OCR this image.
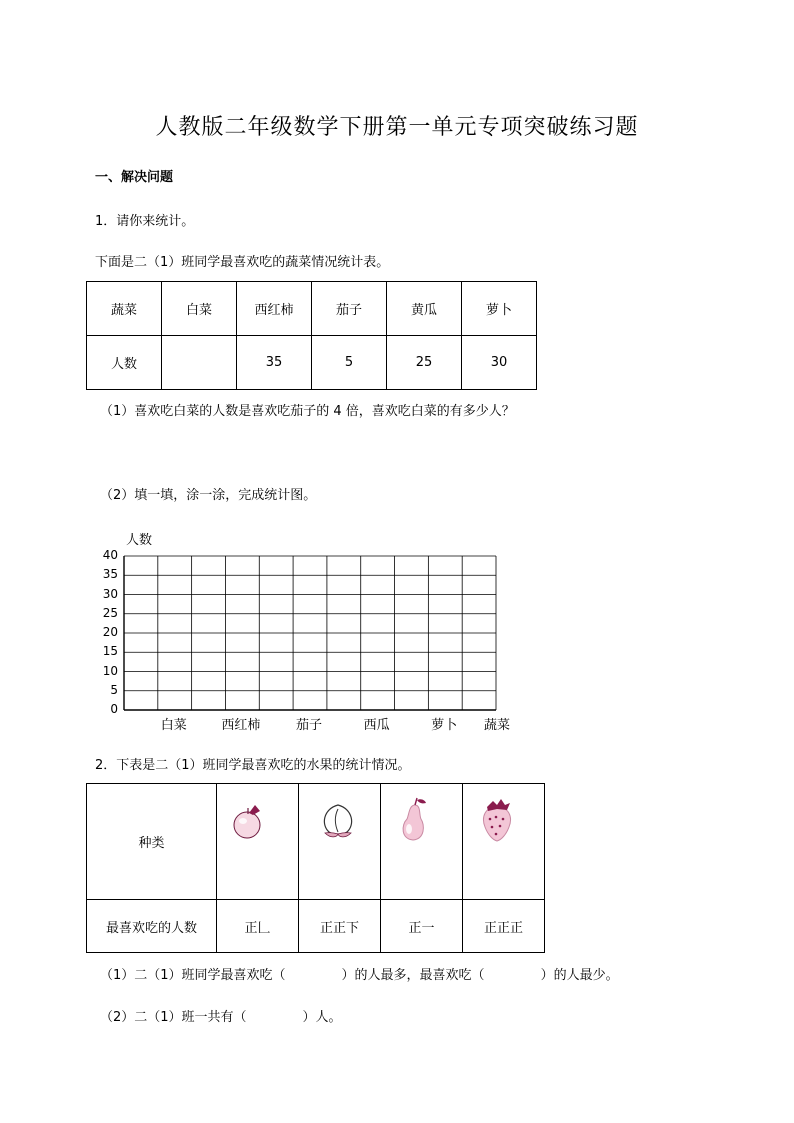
人教版二年级数学下册第一单元专项突破练习题
一、解决问题
1．请你来统计。
下面是二（1）班同学最喜欢吃的蔬菜情况统计表。
蔬菜	白菜	西红柿	茄子	黄瓜	萝卜
人数		35	5	25	30
（1）喜欢吃白菜的人数是喜欢吃茄子的 4 倍，喜欢吃白菜的有多少人？
（2）填一填，涂一涂，完成统计图。
人数
0
5
10
15
20
25
30
35
40
白菜	西红柿	茄子	西瓜	萝卜 蔬菜
2．下表是二（1）班同学最喜欢吃的水果的统计情况。
种类				
最喜欢吃的人数	正𠃊	正正下	正一	正正正
（1）二（1）班同学最喜欢吃（	）的人最多，最喜欢吃（	）的人最少。
（2）二（1）班一共有（	）人。
